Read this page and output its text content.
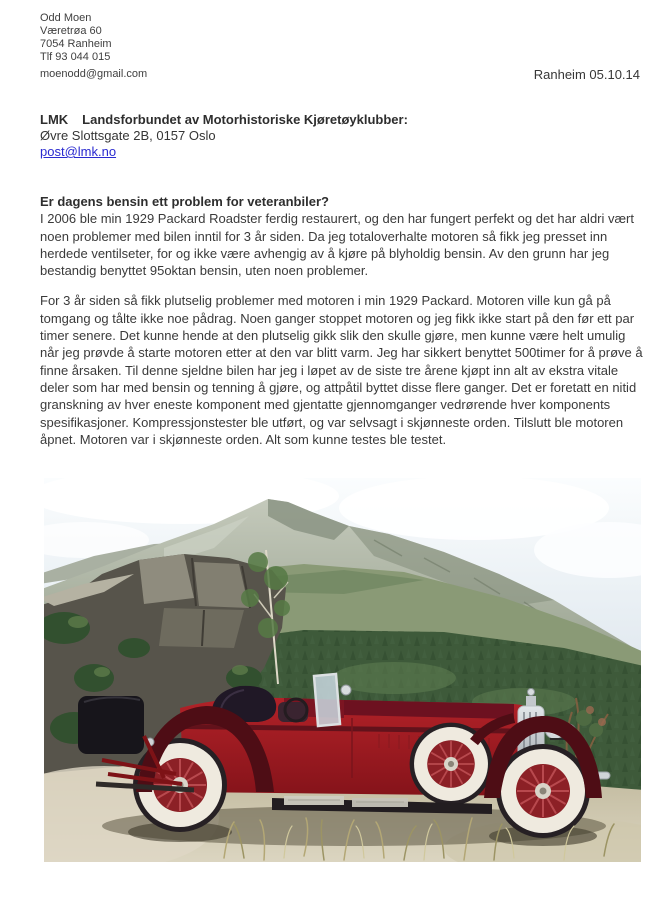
Odd Moen
Væretrøa 60
7054 Ranheim
Tlf 93 044 015
moenodd@gmail.com	Ranheim 05.10.14
LMK Landsforbundet av Motorhistoriske Kjøretøyklubber:
Øvre Slottsgate 2B, 0157 Oslo
post@lmk.no
Er dagens bensin ett problem for veteranbiler?

I 2006 ble min 1929 Packard Roadster ferdig restaurert, og den har fungert perfekt og det har aldri vært noen problemer med bilen inntil for 3 år siden. Da jeg totaloverhalte motoren så fikk jeg presset inn herdede ventilseter, for og ikke være avhengig av å kjøre på blyholdig bensin. Av den grunn har jeg bestandig benyttet 95oktan bensin, uten noen problemer.

For 3 år siden så fikk plutselig problemer med motoren i min 1929 Packard. Motoren ville kun gå på tomgang og tålte ikke noe pådrag. Noen ganger stoppet motoren og jeg fikk ikke start på den før ett par timer senere. Det kunne hende at den plutselig gikk slik den skulle gjøre, men kunne være helt umulig når jeg prøvde å starte motoren etter at den var blitt varm. Jeg har sikkert benyttet 500timer for å prøve å finne årsaken. Til denne sjeldne bilen har jeg i løpet av de siste tre årene kjøpt inn alt av ekstra vitale deler som har med bensin og tenning å gjøre, og attpåtil byttet disse flere ganger. Det er foretatt en nitid granskning av hver eneste komponent med gjentatte gjennomganger vedrørende hver komponents spesifikasjoner. Kompressjonstester ble utført, og var selvsagt i skjønneste orden. Tilslutt ble motoren åpnet. Motoren var i skjønneste orden. Alt som kunne testes ble testet.
